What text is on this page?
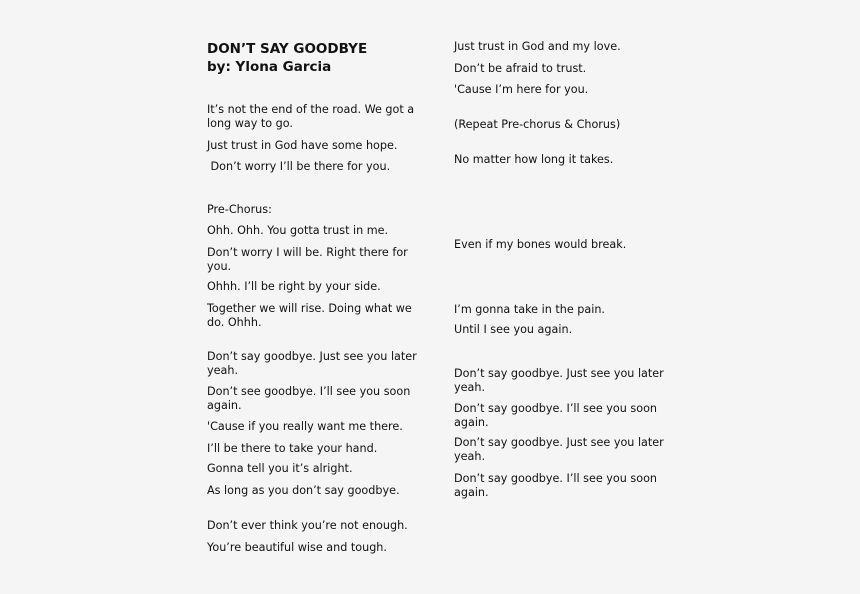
DON’T SAY GOODBYE
by: Ylona Garcia

It’s not the end of the road. We got a long way to go.

Just trust in God have some hope.

Don’t worry I’ll be there for you.

Pre-Chorus:

Ohh. Ohh. You gotta trust in me.

Don’t worry I will be. Right there for you.

Ohhh. I’ll be right by your side.

Together we will rise. Doing what we do. Ohhh.

Don’t say goodbye. Just see you later yeah.

Don’t see goodbye. I’ll see you soon again.

'Cause if you really want me there.

I’ll be there to take your hand.

Gonna tell you it’s alright.

As long as you don’t say goodbye.

Don’t ever think you’re not enough.

You’re beautiful wise and tough.

Just trust in God and my love.

Don’t be afraid to trust.

'Cause I’m here for you.

(Repeat Pre-chorus & Chorus)

No matter how long it takes.

Even if my bones would break.

I’m gonna take in the pain.

Until I see you again.

Don’t say goodbye. Just see you later yeah.

Don’t say goodbye. I’ll see you soon again.

Don’t say goodbye. Just see you later yeah.

Don’t say goodbye. I’ll see you soon again.
